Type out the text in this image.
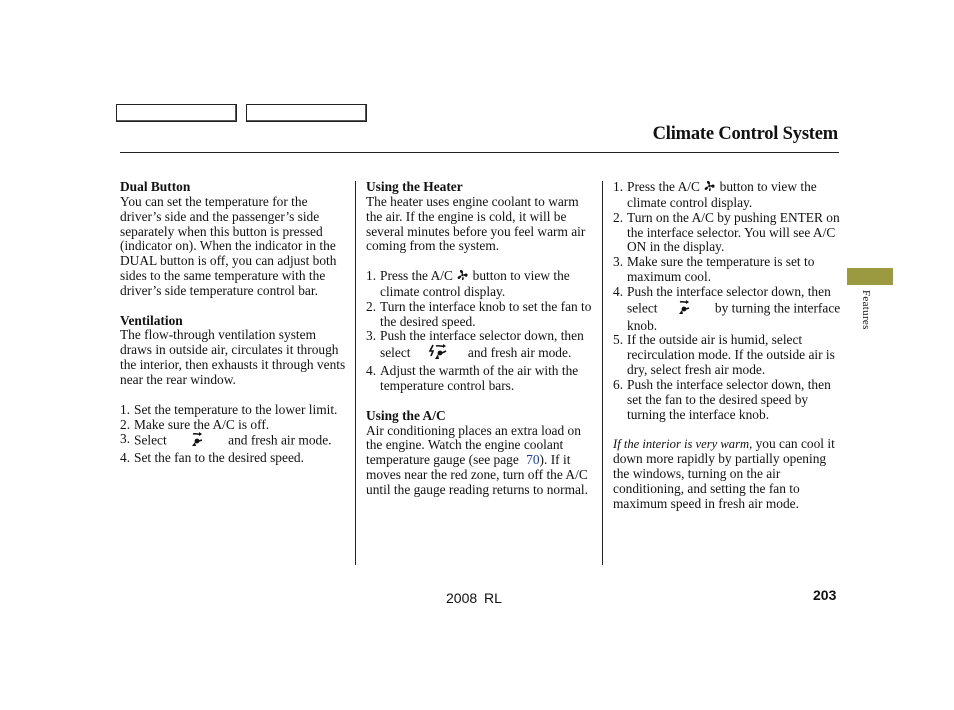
Climate Control System
Features
Dual Button
You can set the temperature for the driver’s side and the passenger’s side separately when this button is pressed (indicator on). When the indicator in the DUAL button is off, you can adjust both sides to the same temperature with the driver’s side temperature control bar.
Ventilation
The flow-through ventilation system draws in outside air, circulates it through the interior, then exhausts it through vents near the rear window.
1. Set the temperature to the lower limit.
2. Make sure the A/C is off.
3. Select	and fresh air mode.
4. Set the fan to the desired speed.
Using the Heater
The heater uses engine coolant to warm the air. If the engine is cold, it will be several minutes before you feel warm air coming from the system.
1. Press the A/C button to view the climate control display.
2. Turn the interface knob to set the fan to the desired speed.
3. Push the interface selector down, then select	and fresh air mode.
4. Adjust the warmth of the air with the temperature control bars.
Using the A/C
Air conditioning places an extra load on the engine. Watch the engine coolant temperature gauge (see page 70). If it moves near the red zone, turn off the A/C until the gauge reading returns to normal.
1. Press the A/C button to view the climate control display.
2. Turn on the A/C by pushing ENTER on the interface selector. You will see A/C ON in the display.
3. Make sure the temperature is set to maximum cool.
4. Push the interface selector down, then select	by turning the interface knob.
5. If the outside air is humid, select recirculation mode. If the outside air is dry, select fresh air mode.
6. Push the interface selector down, then set the fan to the desired speed by turning the interface knob.
If the interior is very warm, you can cool it down more rapidly by partially opening the windows, turning on the air conditioning, and setting the fan to maximum speed in fresh air mode.
2008 RL	203
